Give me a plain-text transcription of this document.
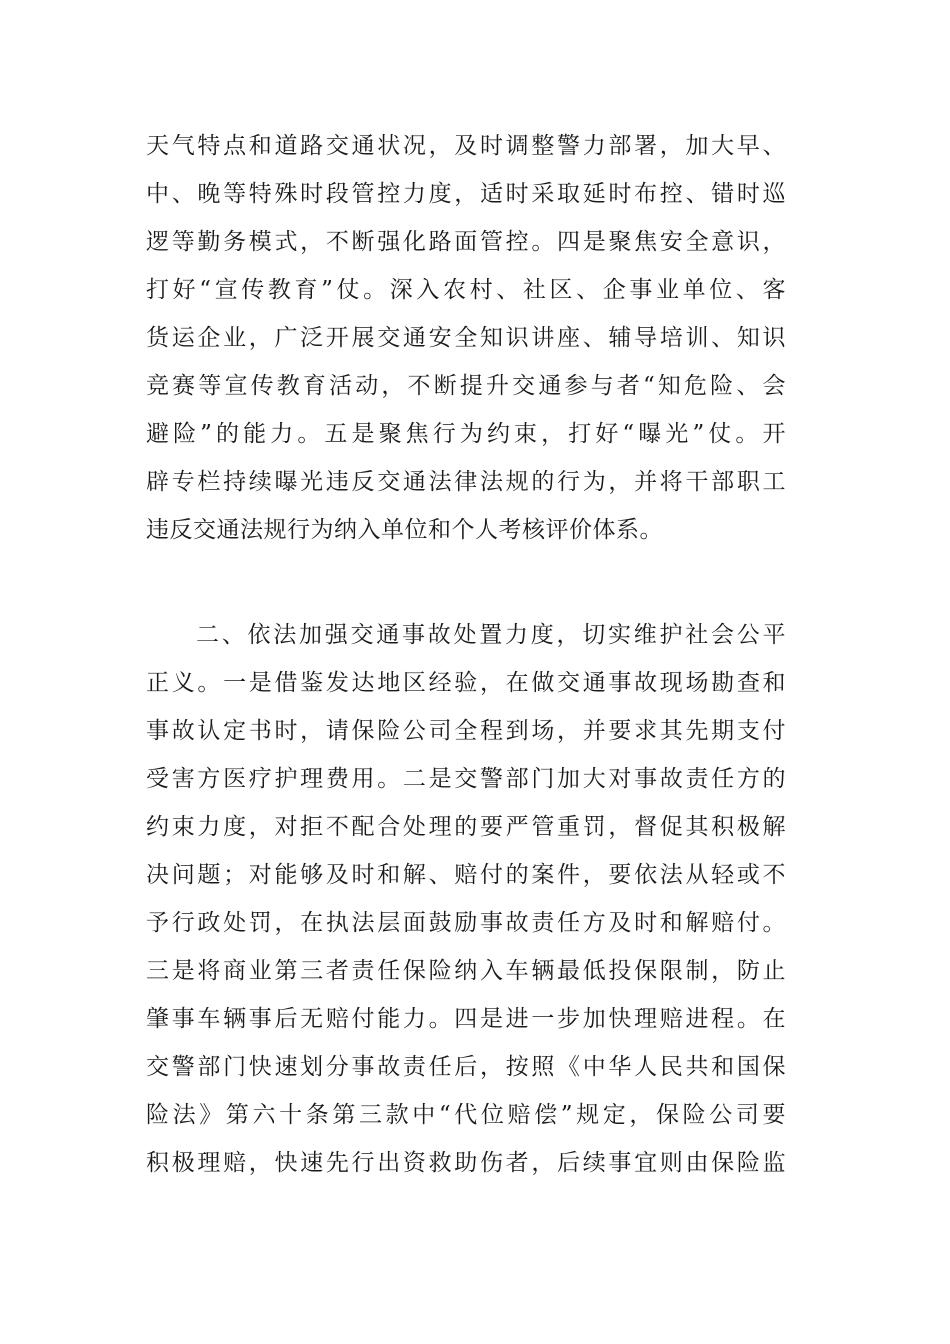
天气特点和道路交通状况，及时调整警力部署，加大早、
中、晚等特殊时段管控力度，适时采取延时布控、错时巡
逻等勤务模式，不断强化路面管控。四是聚焦安全意识，
打好“宣传教育”仗。深入农村、社区、企事业单位、客
货运企业，广泛开展交通安全知识讲座、辅导培训、知识
竞赛等宣传教育活动，不断提升交通参与者“知危险、会
避险”的能力。五是聚焦行为约束，打好“曝光”仗。开
辟专栏持续曝光违反交通法律法规的行为，并将干部职工
违反交通法规行为纳入单位和个人考核评价体系。
二、依法加强交通事故处置力度，切实维护社会公平
正义。一是借鉴发达地区经验，在做交通事故现场勘查和
事故认定书时，请保险公司全程到场，并要求其先期支付
受害方医疗护理费用。二是交警部门加大对事故责任方的
约束力度，对拒不配合处理的要严管重罚，督促其积极解
决问题；对能够及时和解、赔付的案件，要依法从轻或不
予行政处罚，在执法层面鼓励事故责任方及时和解赔付。
三是将商业第三者责任保险纳入车辆最低投保限制，防止
肇事车辆事后无赔付能力。四是进一步加快理赔进程。在
交警部门快速划分事故责任后，按照《中华人民共和国保
险法》第六十条第三款中“代位赔偿”规定，保险公司要
积极理赔，快速先行出资救助伤者，后续事宜则由保险监
